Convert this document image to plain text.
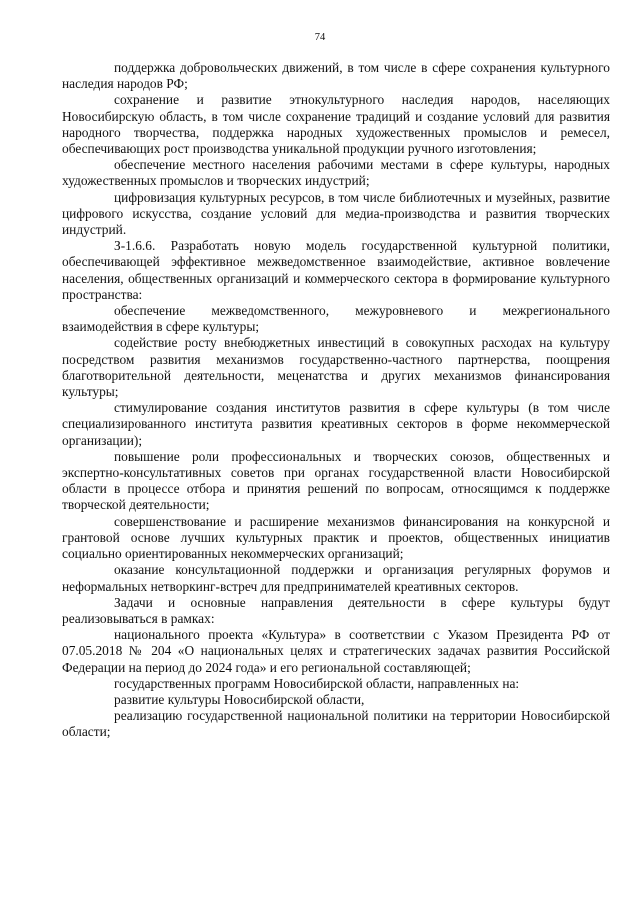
74

поддержка добровольческих движений, в том числе в сфере сохранения культурного наследия народов РФ;

сохранение и развитие этнокультурного наследия народов, населяющих Новосибирскую область, в том числе сохранение традиций и создание условий для развития народного творчества, поддержка народных художественных промыслов и ремесел, обеспечивающих рост производства уникальной продукции ручного изготовления;

обеспечение местного населения рабочими местами в сфере культуры, народных художественных промыслов и творческих индустрий;

цифровизация культурных ресурсов, в том числе библиотечных и музейных, развитие цифрового искусства, создание условий для медиа-производства и развития творческих индустрий.

З-1.6.6. Разработать новую модель государственной культурной политики, обеспечивающей эффективное межведомственное взаимодействие, активное вовлечение населения, общественных организаций и коммерческого сектора в формирование культурного пространства:

обеспечение межведомственного, межуровневого и межрегионального взаимодействия в сфере культуры;

содействие росту внебюджетных инвестиций в совокупных расходах на культуру посредством развития механизмов государственно-частного партнерства, поощрения благотворительной деятельности, меценатства и других механизмов финансирования культуры;

стимулирование создания институтов развития в сфере культуры (в том числе специализированного института развития креативных секторов в форме некоммерческой организации);

повышение роли профессиональных и творческих союзов, общественных и экспертно-консультативных советов при органах государственной власти Новосибирской области в процессе отбора и принятия решений по вопросам, относящимся к поддержке творческой деятельности;

совершенствование и расширение механизмов финансирования на конкурсной и грантовой основе лучших культурных практик и проектов, общественных инициатив социально ориентированных некоммерческих организаций;

оказание консультационной поддержки и организация регулярных форумов и неформальных нетворкинг-встреч для предпринимателей креативных секторов.

Задачи и основные направления деятельности в сфере культуры будут реализовываться в рамках:

национального проекта «Культура» в соответствии с Указом Президента РФ от 07.05.2018 № 204 «О национальных целях и стратегических задачах развития Российской Федерации на период до 2024 года» и его региональной составляющей;

государственных программ Новосибирской области, направленных на:

развитие культуры Новосибирской области,

реализацию государственной национальной политики на территории Новосибирской области;
